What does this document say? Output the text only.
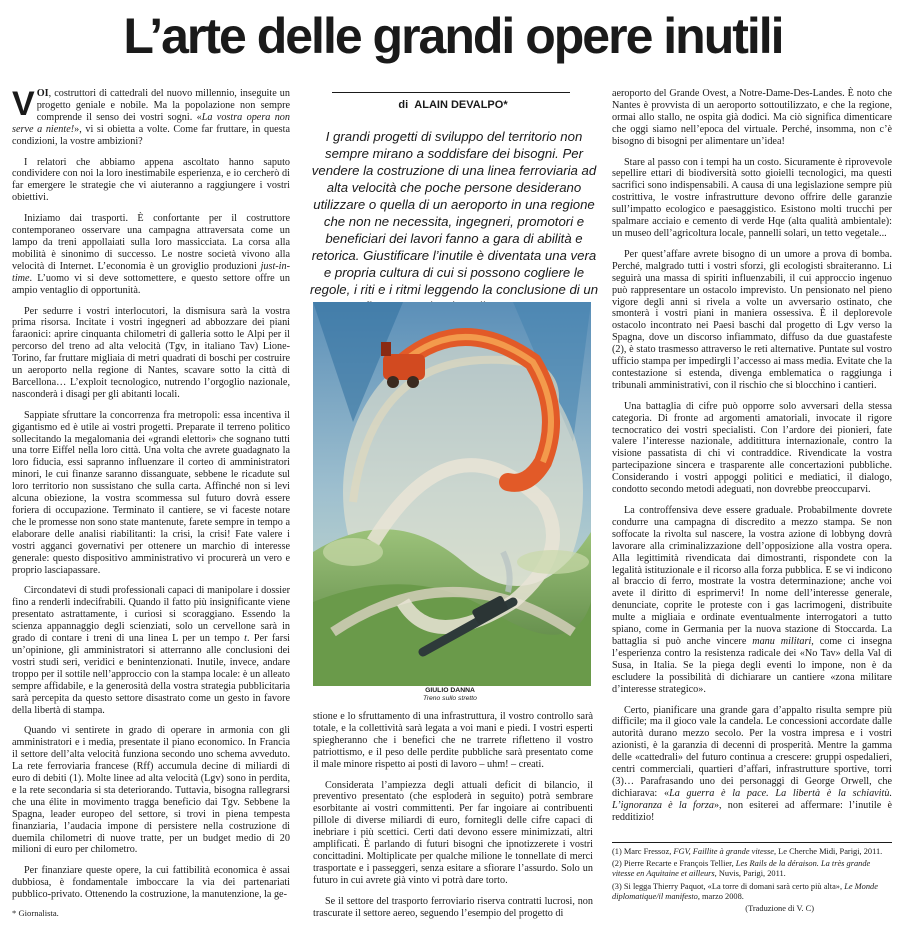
L’arte delle grandi opere inutili

VOI, costruttori di cattedrali del nuovo millennio, inseguite un progetto geniale e nobile. Ma la popolazione non sempre comprende il senso dei vostri sogni. «La vostra opera non serve a niente!», vi si obietta a volte. Come far fruttare, in questa condizioni, la vostre ambizioni?

I relatori che abbiamo appena ascoltato hanno saputo condividere con noi la loro inestimabile esperienza, e io cercherò di far emergere le strategie che vi aiuteranno a raggiungere i vostri obiettivi.

Iniziamo dai trasporti. È confortante per il costruttore contemporaneo osservare una campagna attraversata come un lampo da treni appollaiati sulla loro massicciata. La corsa alla mobilità è sinonimo di successo. Le nostre società vivono alla velocità di Internet. L’economia è un groviglio produzioni just-in-time. L’uomo vi si deve sottomettere, e questo settore offre un ampio ventaglio di opportunità.

Per sedurre i vostri interlocutori, la dismisura sarà la vostra prima risorsa. Incitate i vostri ingegneri ad abbozzare dei piani faraonici: aprire cinquanta chilometri di galleria sotto le Alpi per il percorso del treno ad alta velocità (Tgv, in italiano Tav) Lione-Torino, far fruttare migliaia di metri quadrati di boschi per costruire un aeroporto nella regione di Nantes, scavare sotto la città di Barcellona… L’exploit tecnologico, nutrendo l’orgoglio nazionale, nasconderà i disagi per gli abitanti locali.

Sappiate sfruttare la concorrenza fra metropoli: essa incentiva il gigantismo ed è utile ai vostri progetti. Preparate il terreno politico sollecitando la megalomania dei «grandi elettori» che sognano tutti una torre Eiffel nella loro città. Una volta che avrete guadagnato la loro fiducia, essi sapranno influenzare il corteo di amministratori minori, le cui finanze saranno dissanguate, sebbene le ricadute sul loro territorio non sussistano che sulla carta. Affinché non si levi alcuna obiezione, la vostra scommessa sul futuro dovrà essere foriera di occupazione. Terminato il cantiere, se vi faceste notare che le promesse non sono state mantenute, farete sempre in tempo a elaborare delle analisi riabilitanti: la crisi, la crisi! Fate valere i vostri agganci governativi per ottenere un marchio di interesse generale: questo dispositivo amministrativo vi procurerà un vero e proprio lasciapassare.

Circondatevi di studi professionali capaci di manipolare i dossier fino a renderli indecifrabili. Quando il fatto più insignificante viene presentato astrattamente, i curiosi si scoraggiano. Essendo la scienza appannaggio degli scienziati, solo un cervellone sarà in grado di contare i treni di una linea L per un tempo t. Per farsi un’opinione, gli amministratori si atterranno alle conclusioni dei vostri studi seri, veridici e benintenzionati. Inutile, invece, andare troppo per il sottile nell’approccio con la stampa locale: è un alleato sempre affidabile, e la generosità della vostra strategia pubblicitaria sarà percepita da questo settore disastrato come un gesto in favore della libertà di stampa.

Quando vi sentirete in grado di operare in armonia con gli amministratori e i media, presentate il piano economico. In Francia il settore dell’alta velocità funziona secondo uno schema avveduto. La rete ferroviaria francese (Rff) accumula decine di miliardi di euro di debiti (1). Molte linee ad alta velocità (Lgv) sono in perdita, e la rete secondaria si sta deteriorando. Tuttavia, bisogna rallegrarsi che una élite in movimento tragga beneficio dai Tgv. Sebbene la Spagna, leader europeo del settore, si trovi in piena tempesta finanziaria, l’audacia impone di persistere nella costruzione di duemila chilometri di nuove tratte, per un budget medio di 20 milioni di euro per chilometro.

Per finanziare queste opere, la cui fattibilità economica è assai dubbiosa, è fondamentale imboccare la via dei partenariati pubblico-privato. Ottenendo la costruzione, la manutenzione, la ge-

* Giornalista.
di ALAIN DEVALPO*
I grandi progetti di sviluppo del territorio non sempre mirano a soddisfare dei bisogni. Per vendere la costruzione di una linea ferroviaria ad alta velocità che poche persone desiderano utilizzare o quella di un aeroporto in una regione che non ne necessita, ingegneri, promotori e beneficiari dei lavori fanno a gara di abilità e retorica. Giustificare l’inutile è diventata una vera e propria cultura di cui si possono cogliere le regole, i riti e i ritmi leggendo la conclusione di un
GIULIO DANNA
Treno sullo stretto

stione e lo sfruttamento di una infrastruttura, il vostro controllo sarà totale, e la collettività sarà legata a voi mani e piedi. I vostri esperti spiegheranno che i benefici che ne trarrete rifletteno il vostro patriottismo, e il peso delle perdite pubbliche sarà presentato come il male minore rispetto ai posti di lavoro – uhm! – creati.

Considerata l’ampiezza degli attuali deficit di bilancio, il preventivo presentato (che esploderà in seguito) potrà sembrare esorbitante ai vostri committenti. Per far ingoiare ai contribuenti pillole di diverse miliardi di euro, fornitegli delle cifre capaci di inebriare i più scettici. Certi dati devono essere minimizzati, altri amplificati. È parlando di futuri bisogni che ipnotizzerete i vostri concittadini. Moltiplicate per qualche milione le tonnellate di merci trasportate e i passeggeri, senza esitare a sfiorare l’assurdo. Solo un futuro in cui avrete già vinto vi potrà dare torto.

Se il settore del trasporto ferroviario riserva contratti lucrosi, non trascurate il settore aereo, seguendo l’esempio del progetto di

aeroporto del Grande Ovest, a Notre-Dame-Des-Landes. È noto che Nantes è provvista di un aeroporto sottoutilizzato, e che la regione, ormai allo stallo, ne ospita già dodici. Ma ciò significa dimenticare che oggi siamo nell’epoca del virtuale. Perché, insomma, non c’è bisogno di bisogni per alimentare un’idea!

Stare al passo con i tempi ha un costo. Sicuramente è riprovevole sepellire ettari di biodiversità sotto gioielli tecnologici, ma questi sacrifici sono indispensabili. A causa di una legislazione sempre più costrittiva, le vostre infrastrutture devono offrire delle garanzie sull’impatto ecologico e paesaggistico. Esistono molti trucchi per spalmare acciaio e cemento di verde Hqe (alta qualità ambientale): un museo dell’agricoltura locale, pannelli solari, un tetto vegetale...

Per quest’affare avrete bisogno di un umore a prova di bomba. Perché, malgrado tutti i vostri sforzi, gli ecologisti sbraiteranno. Li seguirà una massa di spiriti influenzabili, il cui approccio ingenuo può rappresentare un ostacolo imprevisto. Un pensionato nel pieno vigore degli anni si rivela a volte un avversario ostinato, che smonterà i vostri piani in maniera ossessiva. È il deplorevole ostacolo incontrato nei Paesi baschi dal progetto di Lgv verso la Spagna, dove un discorso infiammato, diffuso da due guastafeste (2), è stato trasmesso attraverso le reti alternative. Puntate sul vostro ufficio stampa per impedirgli l’accesso ai mass media. Evitate che la contestazione si estenda, divenga emblematica o raggiunga i tribunali amministrativi, con il rischio che si blocchino i cantieri.

Una battaglia di cifre può opporre solo avversari della stessa categoria. Di fronte ad argomenti amatoriali, invocate il rigore tecnocratico dei vostri specialisti. Con l’ardore dei pionieri, fate valere l’interesse nazionale, additittura internazionale, contro la visione passatista di chi vi contraddice. Rivendicate la vostra partecipazione sincera e trasparente alle concertazioni pubbliche. Considerando i vostri appoggi politici e mediatici, il dialogo, condotto secondo metodi adeguati, non dovrebbe preoccuparvi.

La controffensiva deve essere graduale. Probabilmente dovrete condurre una campagna di discredito a mezzo stampa. Se non soffocate la rivolta sul nascere, la vostra azione di lobbyng dovrà lavorare alla criminalizzazione dell’opposizione alla vostra opera. Alla legittimità rivendicata dai dimostranti, rispondete con la legalità istituzionale e il ricorso alla forza pubblica. E se vi indicono al braccio di ferro, mostrate la vostra determinazione; anche voi avete il diritto di esprimervi! In nome dell’interesse generale, denunciate, coprite le proteste con i gas lacrimogeni, distribuite multe a migliaia e ordinate eventualmente interrogatori a tutto spiano, come in Germania per la nuova stazione di Stoccarda. La battaglia si può anche vincere manu militari, come ci insegna l’esperienza contro la resistenza radicale dei «No Tav» della Val di Susa, in Italia. Se la piega degli eventi lo impone, non è da escludere la possibilità di dichiarare un cantiere «zona militare d’interesse strategico».

Certo, pianificare una grande gara d’appalto risulta sempre più difficile; ma il gioco vale la candela. Le concessioni accordate dalle autorità durano mezzo secolo. Per la vostra impresa e i vostri azionisti, è la garanzia di decenni di prosperità. Mentre la gamma delle «cattedrali» del futuro continua a crescere: gruppi ospedalieri, centri commerciali, quartieri d’affari, infrastrutture sportive, torri (3)… Parafrasando uno dei personaggi di George Orwell, che dichiarava: «La guerra è la pace. La libertà è la schiavitù. L’ignoranza è la forza», non esiterei ad affermare: l’inutile è redditizio!

(1) Marc Fressoz, FGV, Faillite à grande vitesse, Le Cherche Midi, Parigi, 2011.
(2) Pierre Recarte e François Tellier, Les Rails de la déraison. La très grande vitesse en Aquitaine et ailleurs, Nuvis, Parigi, 2011.
(3) Si legga Thierry Paquot, «La torre di domani sarà certo più alta», Le Monde diplomatique/il manifesto, marzo 2008.
(Traduzione di V. C)
